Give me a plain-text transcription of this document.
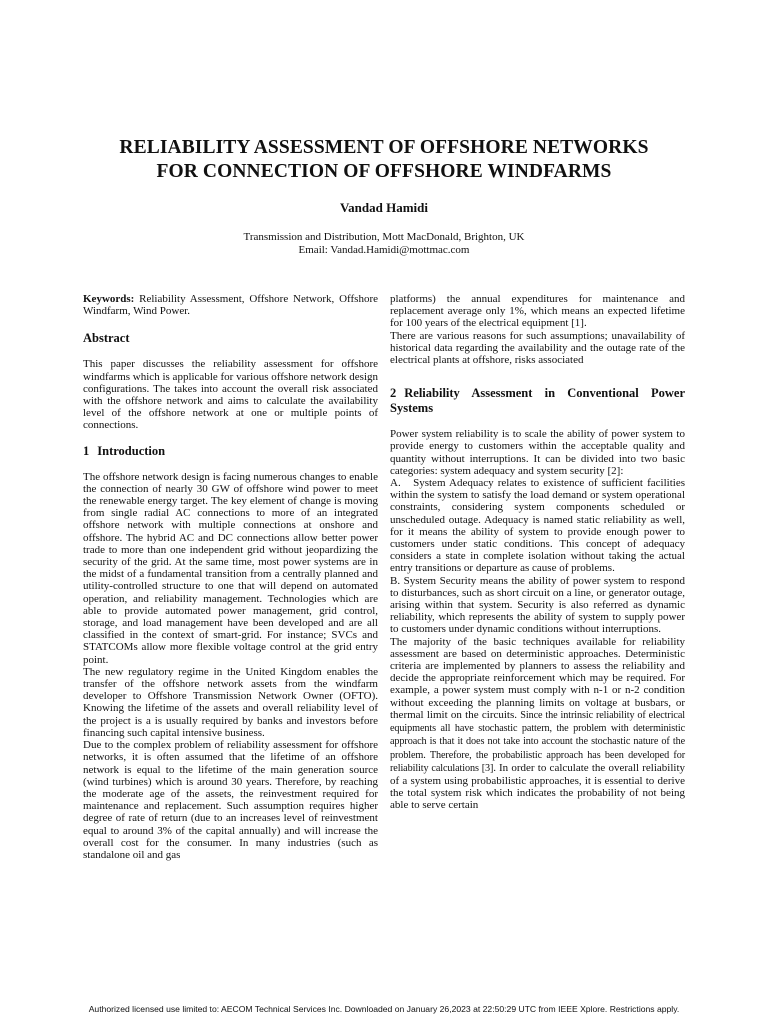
RELIABILITY ASSESSMENT OF OFFSHORE NETWORKS
FOR CONNECTION OF OFFSHORE WINDFARMS
Vandad Hamidi
Transmission and Distribution, Mott MacDonald, Brighton, UK
Email: Vandad.Hamidi@mottmac.com

Keywords: Reliability Assessment, Offshore Network, Offshore Windfarm, Wind Power.

Abstract

This paper discusses the reliability assessment for offshore windfarms which is applicable for various offshore network design configurations. The takes into account the overall risk associated with the offshore network and aims to calculate the availability level of the offshore network at one or multiple points of connections.

1 Introduction

The offshore network design is facing numerous changes to enable the connection of nearly 30 GW of offshore wind power to meet the renewable energy target. The key element of change is moving from single radial AC connections to more of an integrated offshore network with multiple connections at onshore and offshore. The hybrid AC and DC connections allow better power trade to more than one independent grid without jeopardizing the security of the grid. At the same time, most power systems are in the midst of a fundamental transition from a centrally planned and utility-controlled structure to one that will depend on automated operation, and reliability management. Technologies which are able to provide automated power management, grid control, storage, and load management have been developed and are all classified in the context of smart-grid. For instance; SVCs and STATCOMs allow more flexible voltage control at the grid entry point.

The new regulatory regime in the United Kingdom enables the transfer of the offshore network assets from the windfarm developer to Offshore Transmission Network Owner (OFTO). Knowing the lifetime of the assets and overall reliability level of the project is a is usually required by banks and investors before financing such capital intensive business.

Due to the complex problem of reliability assessment for offshore networks, it is often assumed that the lifetime of an offshore network is equal to the lifetime of the main generation source (wind turbines) which is around 30 years. Therefore, by reaching the moderate age of the assets, the reinvestment required for maintenance and replacement. Such assumption requires higher degree of rate of return (due to an increases level of reinvestment equal to around 3% of the capital annually) and will increase the overall cost for the consumer. In many industries (such as standalone oil and gas

platforms) the annual expenditures for maintenance and replacement average only 1%, which means an expected lifetime for 100 years of the electrical equipment [1].

There are various reasons for such assumptions; unavailability of historical data regarding the availability and the outage rate of the electrical plants at offshore, risks associated

2 Reliability Assessment in Conventional Power Systems

Power system reliability is to scale the ability of power system to provide energy to customers within the acceptable quality and quantity without interruptions. It can be divided into two basic categories: system adequacy and system security [2]:

A.   System Adequacy relates to existence of sufficient facilities within the system to satisfy the load demand or system operational constraints, considering system components scheduled or unscheduled outage. Adequacy is named static reliability as well, for it means the ability of system to provide enough power to customers under static conditions. This concept of adequacy considers a state in complete isolation without taking the actual entry transitions or departure as cause of problems.

B. System Security means the ability of power system to respond to disturbances, such as short circuit on a line, or generator outage, arising within that system. Security is also referred as dynamic reliability, which represents the ability of system to supply power to customers under dynamic conditions without interruptions.

The majority of the basic techniques available for reliability assessment are based on deterministic approaches. Deterministic criteria are implemented by planners to assess the reliability and decide the appropriate reinforcement which may be required. For example, a power system must comply with n-1 or n-2 condition without exceeding the planning limits on voltage at busbars, or thermal limit on the circuits. Since the intrinsic reliability of electrical equipments all have stochastic pattern, the problem with deterministic approach is that it does not take into account the stochastic nature of the problem. Therefore, the probabilistic approach has been developed for reliability calculations [3]. In order to calculate the overall reliability of a system using probabilistic approaches, it is essential to derive the total system risk which indicates the probability of not being able to serve certain

Authorized licensed use limited to: AECOM Technical Services Inc. Downloaded on January 26,2023 at 22:50:29 UTC from IEEE Xplore. Restrictions apply.
